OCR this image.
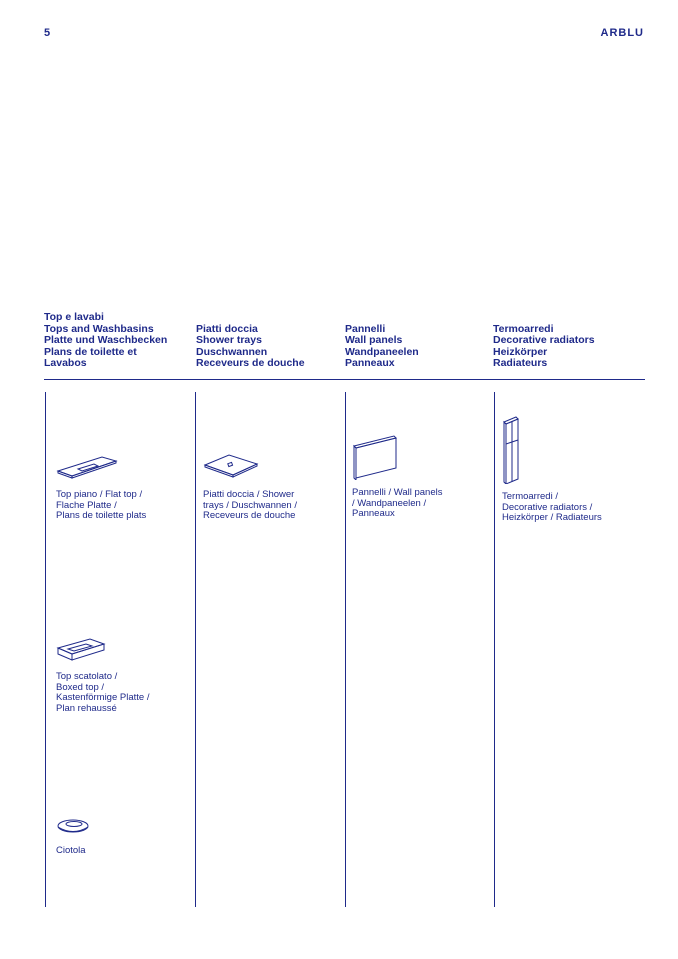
5	ARBLU
Top e lavabi
Tops and Washbasins
Platte und Waschbecken
Plans de toilette et
Lavabos
Piatti doccia
Shower trays
Duschwannen
Receveurs de douche
Pannelli
Wall panels
Wandpaneelen
Panneaux
Termoarredi
Decorative radiators
Heizkörper
Radiateurs
Top piano / Flat top /
Flache Platte /
Plans de toilette plats
Top scatolato /
Boxed top /
Kastenförmige Platte /
Plan rehaussé
Ciotola
Piatti doccia / Shower
trays / Duschwannen /
Receveurs de douche
Pannelli / Wall panels
/ Wandpaneelen /
Panneaux
Termoarredi /
Decorative radiators /
Heizkörper / Radiateurs
